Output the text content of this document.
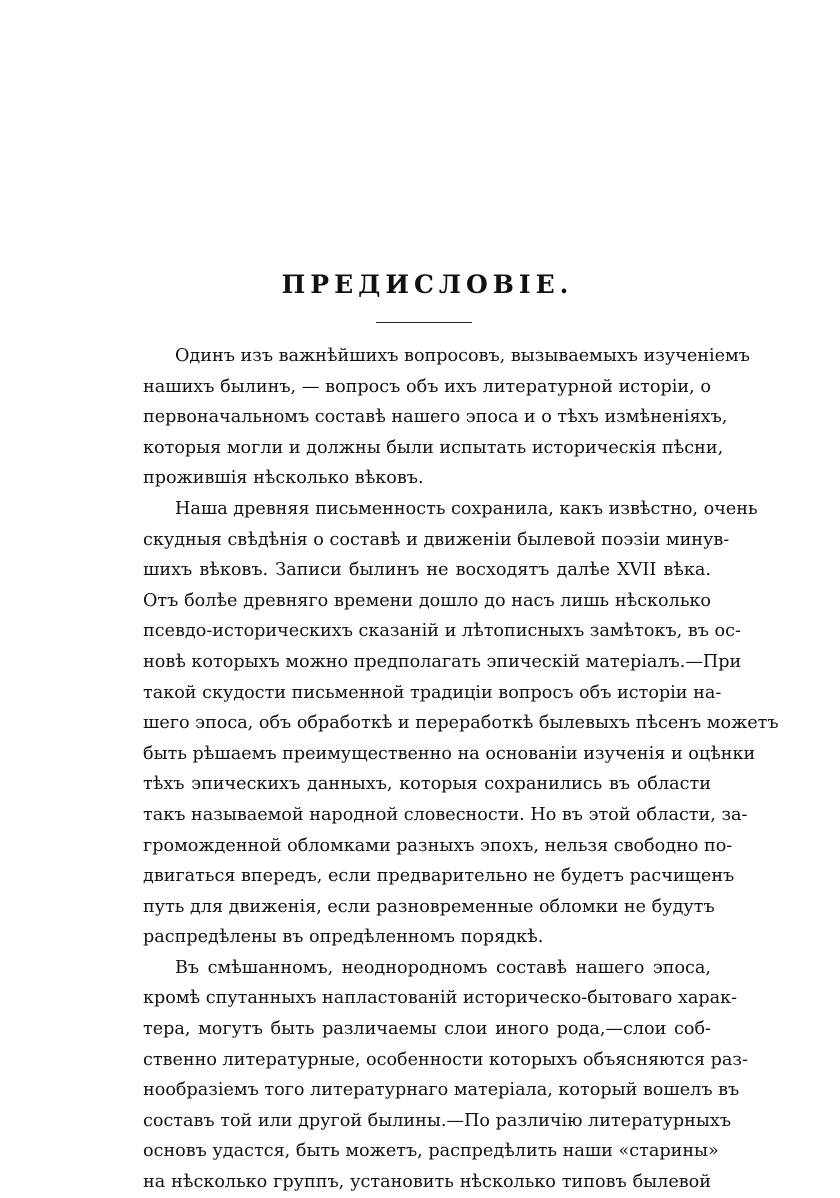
ПРЕДИСЛОВІЕ.
Одинъ изъ важнѣйшихъ вопросовъ, вызываемыхъ изученіемъ
нашихъ былинъ, — вопросъ объ ихъ литературной исторіи, о
первоначальномъ составѣ нашего эпоса и о тѣхъ измѣненіяхъ,
которыя могли и должны были испытать историческія пѣсни,
прожившія нѣсколько вѣковъ.
Наша древняя письменность сохранила, какъ извѣстно, очень
скудныя свѣдѣнія о составѣ и движеніи былевой поэзіи минув-
шихъ вѣковъ. Записи былинъ не восходятъ далѣе XVII вѣка.
Отъ болѣе древняго времени дошло до насъ лишь нѣсколько
псевдо-историческихъ сказаній и лѣтописныхъ замѣтокъ, въ ос-
новѣ которыхъ можно предполагать эпическій матеріалъ.—При
такой скудости письменной традиціи вопросъ объ исторіи на-
шего эпоса, объ обработкѣ и переработкѣ былевыхъ пѣсенъ можетъ
быть рѣшаемъ преимущественно на основаніи изученія и оцѣнки
тѣхъ эпическихъ данныхъ, которыя сохранились въ области
такъ называемой народной словесности. Но въ этой области, за-
громожденной обломками разныхъ эпохъ, нельзя свободно по-
двигаться впередъ, если предварительно не будетъ расчищенъ
путь для движенія, если разновременные обломки не будутъ
распредѣлены въ опредѣленномъ порядкѣ.
Въ смѣшанномъ, неоднородномъ составѣ нашего эпоса,
кромѣ спутанныхъ напластованій историческо-бытоваго харак-
тера, могутъ быть различаемы слои иного рода,—слои соб-
ственно литературные, особенности которыхъ объясняются раз-
нообразіемъ того литературнаго матеріала, который вошелъ въ
составъ той или другой былины.—По различію литературныхъ
основъ удастся, быть можетъ, распредѣлить наши «старины»
на нѣсколько группъ, установить нѣсколько типовъ былевой
